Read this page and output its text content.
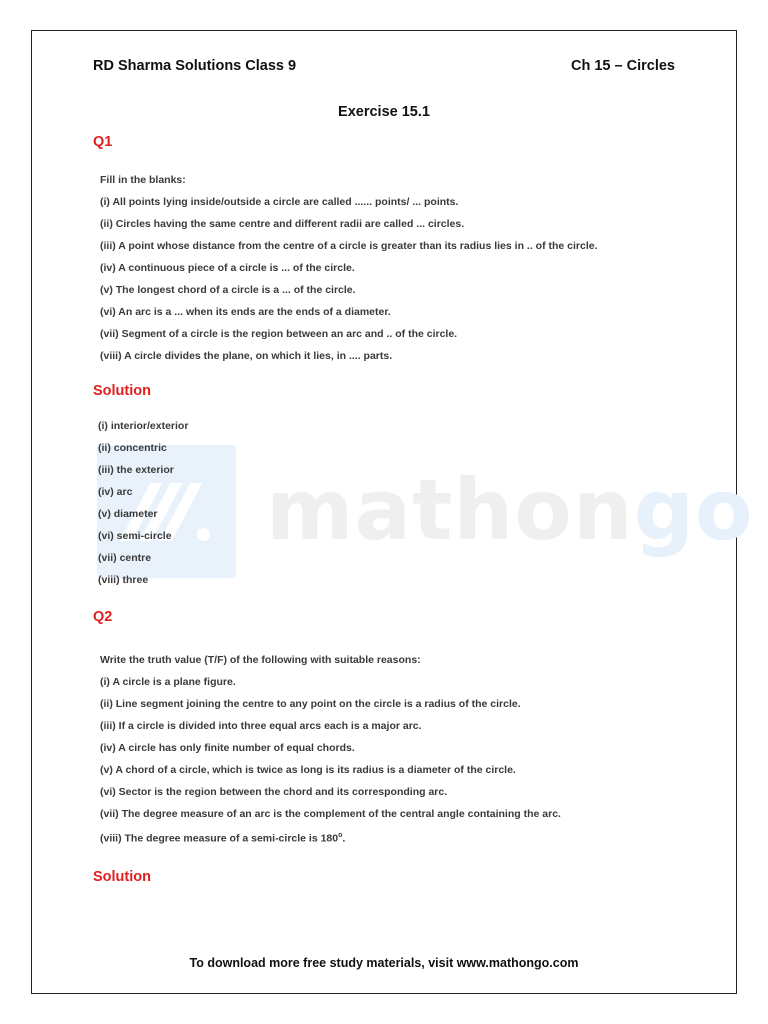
mathongo
RD Sharma Solutions Class 9	Ch 15 – Circles
Exercise 15.1
Q1
Fill in the blanks:
(i) All points lying inside/outside a circle are called ...... points/ ... points.
(ii) Circles having the same centre and different radii are called ... circles.
(iii) A point whose distance from the centre of a circle is greater than its radius lies in .. of the circle.
(iv) A continuous piece of a circle is ... of the circle.
(v) The longest chord of a circle is a ... of the circle.
(vi) An arc is a ... when its ends are the ends of a diameter.
(vii) Segment of a circle is the region between an arc and .. of the circle.
(viii) A circle divides the plane, on which it lies, in .... parts.
Solution
(i) interior/exterior
(ii) concentric
(iii) the exterior
(iv) arc
(v) diameter
(vi) semi-circle
(vii) centre
(viii) three
Q2
Write the truth value (T/F) of the following with suitable reasons:
(i) A circle is a plane figure.
(ii) Line segment joining the centre to any point on the circle is a radius of the circle.
(iii) If a circle is divided into three equal arcs each is a major arc.
(iv) A circle has only finite number of equal chords.
(v) A chord of a circle, which is twice as long is its radius is a diameter of the circle.
(vi) Sector is the region between the chord and its corresponding arc.
(vii) The degree measure of an arc is the complement of the central angle containing the arc.
(viii) The degree measure of a semi-circle is 180$^o$.
Solution
To download more free study materials, visit www.mathongo.com
